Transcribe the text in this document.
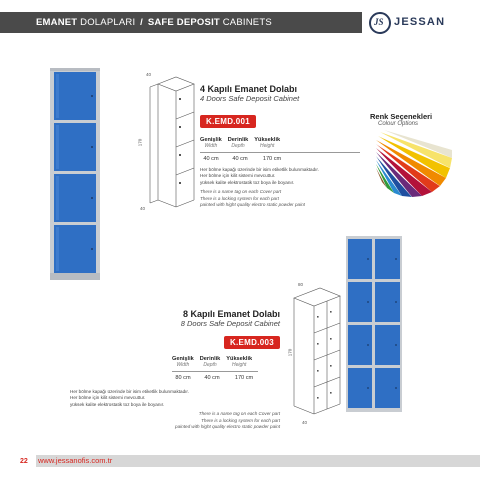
EMANET DOLAPLARI / SAFE DEPOSIT CABINETS	JS JESSAN
40
170
40
4 Kapılı Emanet Dolabı
4 Doors Safe Deposit Cabinet
K.EMD.001
Genişlik
Width
Derinlik
Depth
Yükseklik
Height
40 cm	40 cm	170 cm
Her bölme kapağı üzerinde bir isim etiketlik bulunmaktadır.
Her bölme için kilit sistemi mevcuttur.
yüksek kalite elektrostatik toz boya ile boyanır.
There is a name tag on each Cover part
There is a locking system for each part
painted with hight quality electro static powder paint
Renk Seçenekleri
Colour Options
80
170
40
8 Kapılı Emanet Dolabı
8 Doors Safe Deposit Cabinet
K.EMD.003
Genişlik
Width
Derinlik
Depth
Yükseklik
Height
80 cm	40 cm	170 cm
Her bölme kapağı üzerinde bir isim etiketlik bulunmaktadır.
Her bölme için kilit sistemi mevcuttur.
yüksek kalite elektrostatik toz boya ile boyanır.
There is a name tag on each Cover part
There is a locking system for each part
painted with hight quality electro static powder paint
22 www.jessanofis.com.tr
